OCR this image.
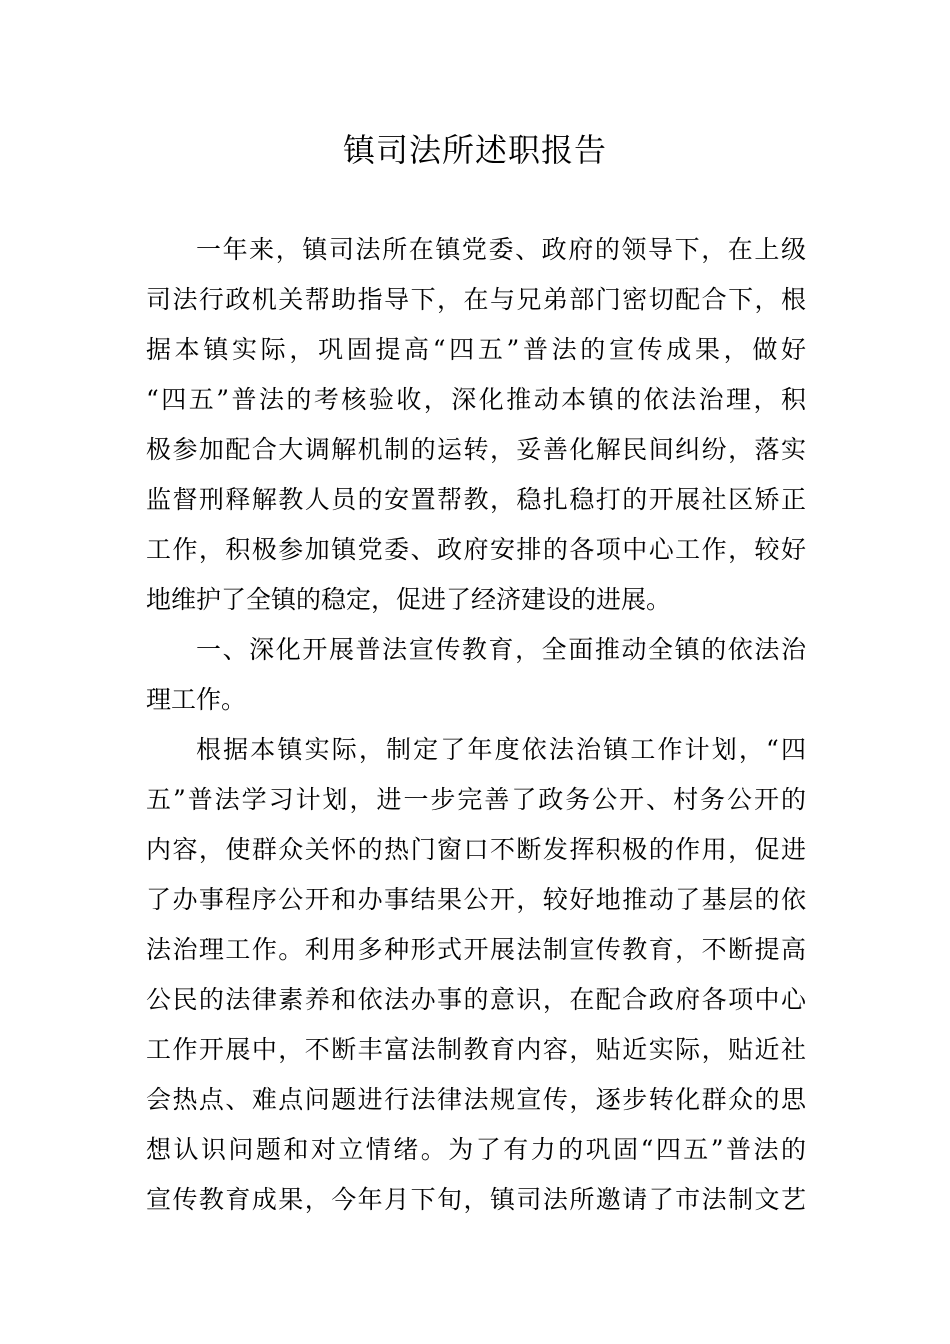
镇司法所述职报告
一年来，镇司法所在镇党委、政府的领导下，在上级
司法行政机关帮助指导下，在与兄弟部门密切配合下，根
据本镇实际，巩固提高“四五”普法的宣传成果，做好
“四五”普法的考核验收，深化推动本镇的依法治理，积
极参加配合大调解机制的运转，妥善化解民间纠纷，落实
监督刑释解教人员的安置帮教，稳扎稳打的开展社区矫正
工作，积极参加镇党委、政府安排的各项中心工作，较好
地维护了全镇的稳定，促进了经济建设的进展。
一、深化开展普法宣传教育，全面推动全镇的依法治
理工作。
根据本镇实际，制定了年度依法治镇工作计划，“四
五”普法学习计划，进一步完善了政务公开、村务公开的
内容，使群众关怀的热门窗口不断发挥积极的作用，促进
了办事程序公开和办事结果公开，较好地推动了基层的依
法治理工作。利用多种形式开展法制宣传教育，不断提高
公民的法律素养和依法办事的意识，在配合政府各项中心
工作开展中，不断丰富法制教育内容，贴近实际，贴近社
会热点、难点问题进行法律法规宣传，逐步转化群众的思
想认识问题和对立情绪。为了有力的巩固“四五”普法的
宣传教育成果，今年月下旬，镇司法所邀请了市法制文艺
